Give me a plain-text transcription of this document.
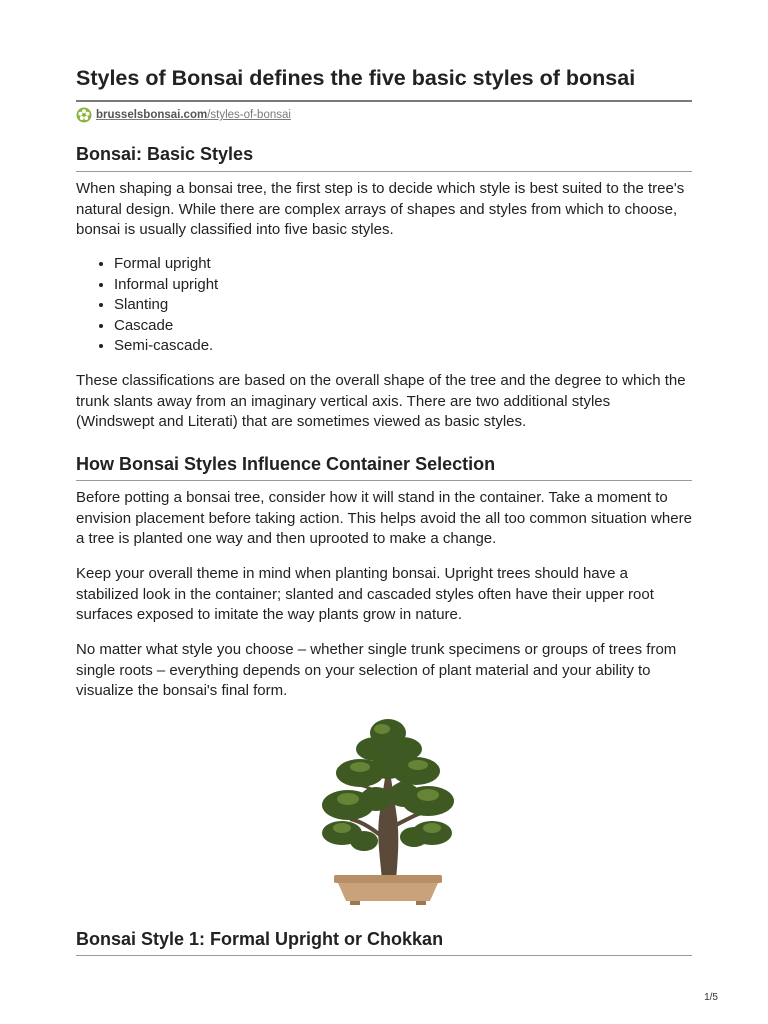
Styles of Bonsai defines the five basic styles of bonsai
brusselsbonsai.com/styles-of-bonsai
Bonsai: Basic Styles

When shaping a bonsai tree, the first step is to decide which style is best suited to the tree's natural design. While there are complex arrays of shapes and styles from which to choose, bonsai is usually classified into five basic styles.

• Formal upright
• Informal upright
• Slanting
• Cascade
• Semi-cascade.

These classifications are based on the overall shape of the tree and the degree to which the trunk slants away from an imaginary vertical axis. There are two additional styles (Windswept and Literati) that are sometimes viewed as basic styles.

How Bonsai Styles Influence Container Selection

Before potting a bonsai tree, consider how it will stand in the container. Take a moment to envision placement before taking action. This helps avoid the all too common situation where a tree is planted one way and then uprooted to make a change.

Keep your overall theme in mind when planting bonsai. Upright trees should have a stabilized look in the container; slanted and cascaded styles often have their upper root surfaces exposed to imitate the way plants grow in nature.

No matter what style you choose – whether single trunk specimens or groups of trees from single roots – everything depends on your selection of plant material and your ability to visualize the bonsai's final form.

Bonsai Style 1: Formal Upright or Chokkan
1/5
